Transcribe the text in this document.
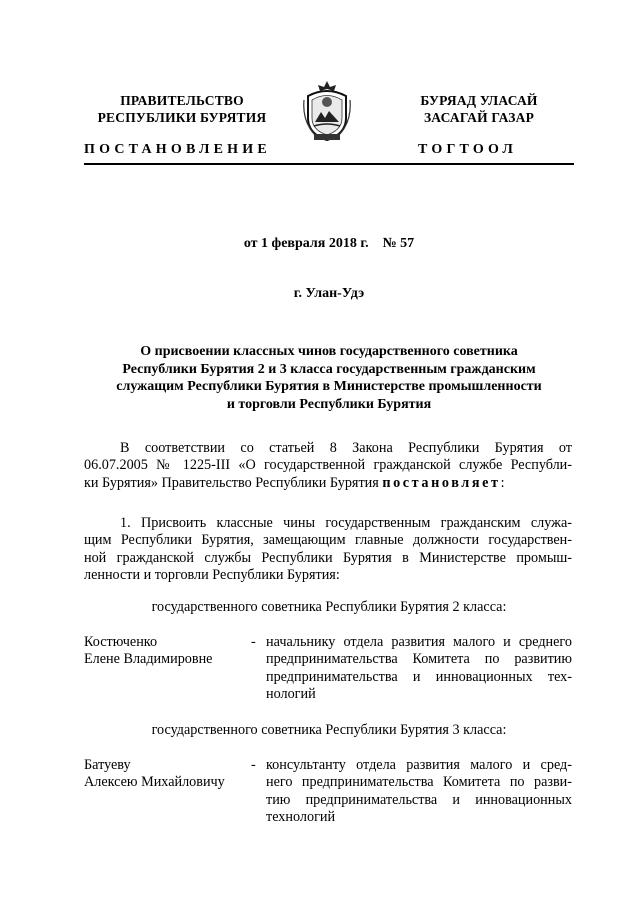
ПРАВИТЕЛЬСТВО
РЕСПУБЛИКИ БУРЯТИЯ
БУРЯАД УЛАСАЙ
ЗАСАГАЙ ГАЗАР
ПОСТАНОВЛЕНИЕ	ТОГТООЛ
от 1 февраля 2018 г.    № 57
г. Улан-Удэ
О присвоении классных чинов государственного советника
Республики Бурятия 2 и 3 класса государственным гражданским
служащим Республики Бурятия в Министерстве промышленности
и торговли Республики Бурятия
В соответствии со статьей 8 Закона Республики Бурятия от
06.07.2005 № 1225-III «О государственной гражданской службе Республи-
ки Бурятия» Правительство Республики Бурятия постановляет:
1. Присвоить классные чины государственным гражданским служа-
щим Республики Бурятия, замещающим главные должности государствен-
ной гражданской службы Республики Бурятия в Министерстве промыш-
ленности и торговли Республики Бурятия:
государственного советника Республики Бурятия 2 класса:
Костюченко
Елене Владимировне
- начальнику отдела развития малого и среднего
предпринимательства Комитета по развитию
предпринимательства и инновационных тех-
нологий
государственного советника Республики Бурятия 3 класса:
Батуеву
Алексею Михайловичу
- консультанту отдела развития малого и сред-
него предпринимательства Комитета по разви-
тию предпринимательства и инновационных
технологий
